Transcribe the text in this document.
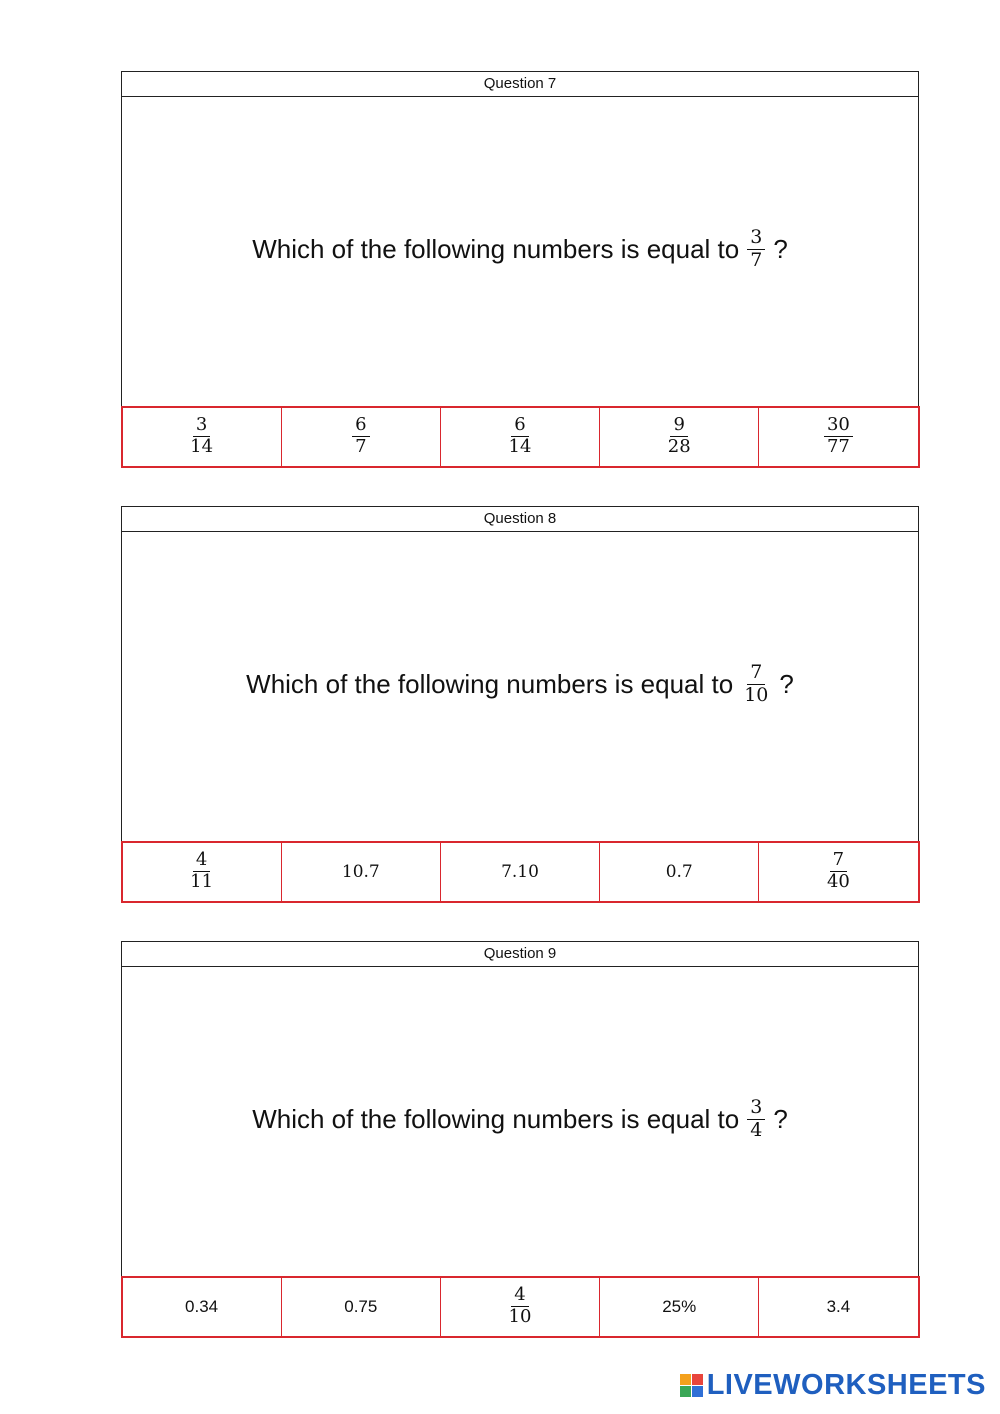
Question 7
Which of the following numbers is equal to $\frac{3}{7}$ ?
$\frac{3}{14}$	$\frac{6}{7}$	$\frac{6}{14}$	$\frac{9}{28}$	$\frac{30}{77}$
Question 8
Which of the following numbers is equal to $\frac{7}{10}$ ?
$\frac{4}{11}$	10.7	7.10	0.7	$\frac{7}{40}$
Question 9
Which of the following numbers is equal to $\frac{3}{4}$ ?
0.34	0.75	$\frac{4}{10}$	25%	3.4
LIVEWORKSHEETS
